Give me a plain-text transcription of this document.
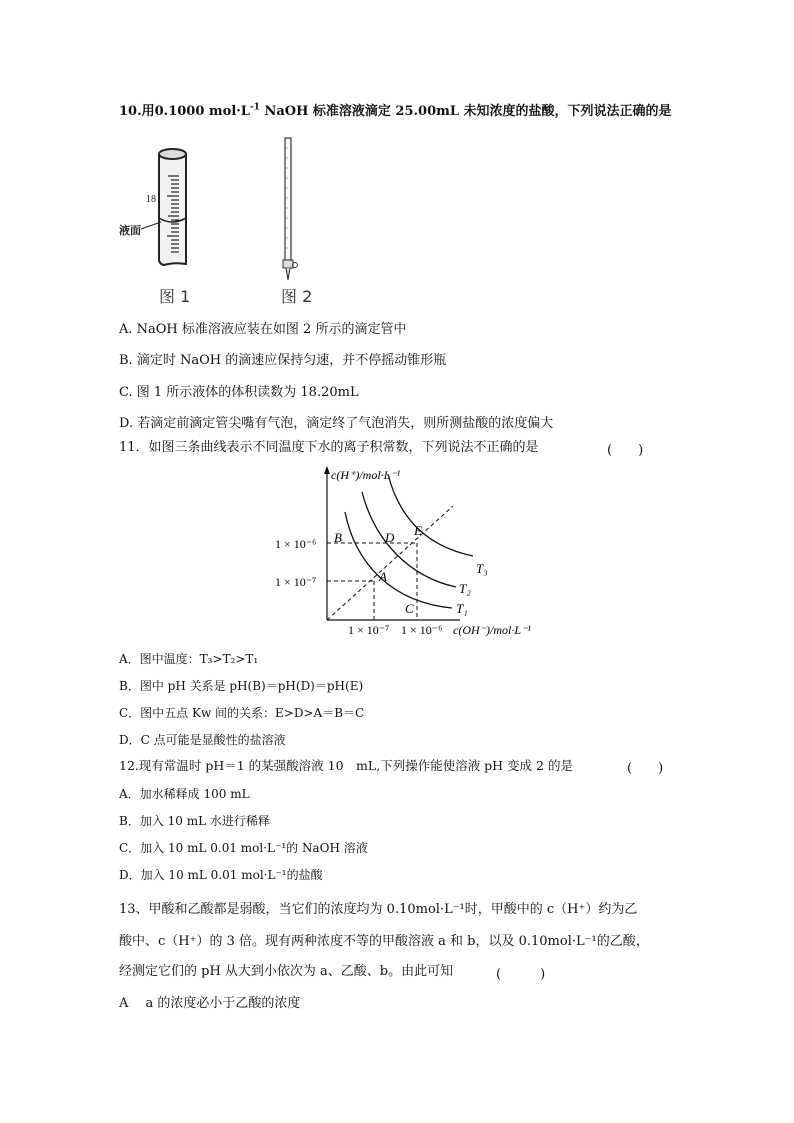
10.用0.1000 $mol\cdot L^{-1}$ NaOH 标准溶液滴定 25.00mL 未知浓度的盐酸，下列说法正确的是
18
液面
图 1	图 2
A. NaOH 标准溶液应装在如图 2 所示的滴定管中
B. 滴定时 NaOH 的滴速应保持匀速，并不停摇动锥形瓶
C. 图 1 所示液体的体积读数为 18.20mL
D. 若滴定前滴定管尖嘴有气泡，滴定终了气泡消失，则所测盐酸的浓度偏大
11．如图三条曲线表示不同温度下水的离子积常数，下列说法不正确的是	(　　)
c(H⁺)/mol·L⁻¹
c(OH⁻)/mol·L⁻¹
1 × 10⁻⁶
1 × 10⁻⁷
1 × 10⁻⁷ 1 × 10⁻⁶
B
A
D E
C	T₁
T₂
T₃
A．图中温度：T₃>T₂>T₁
B．图中 pH 关系是 pH(B)＝pH(D)＝pH(E)
C．图中五点 Kw 间的关系：E>D>A＝B＝C
D．C 点可能是显酸性的盐溶液
12.现有常温时 pH＝1 的某强酸溶液 10　mL,下列操作能使溶液 pH 变成 2 的是	(　　)
A．加水稀释成 100 mL
B．加入 10 mL 水进行稀释
C．加入 10 mL 0.01 mol·L⁻¹的 NaOH 溶液
D．加入 10 mL 0.01 mol·L⁻¹的盐酸
13、甲酸和乙酸都是弱酸，当它们的浓度均为 0.10mol·L⁻¹时，甲酸中的 c（H⁺）约为乙
酸中、c（H⁺）的 3 倍。现有两种浓度不等的甲酸溶液 a 和 b，以及 0.10mol·L⁻¹的乙酸，
经测定它们的 pH 从大到小依次为 a、乙酸、b。由此可知	(　　　)
A　 a 的浓度必小于乙酸的浓度
